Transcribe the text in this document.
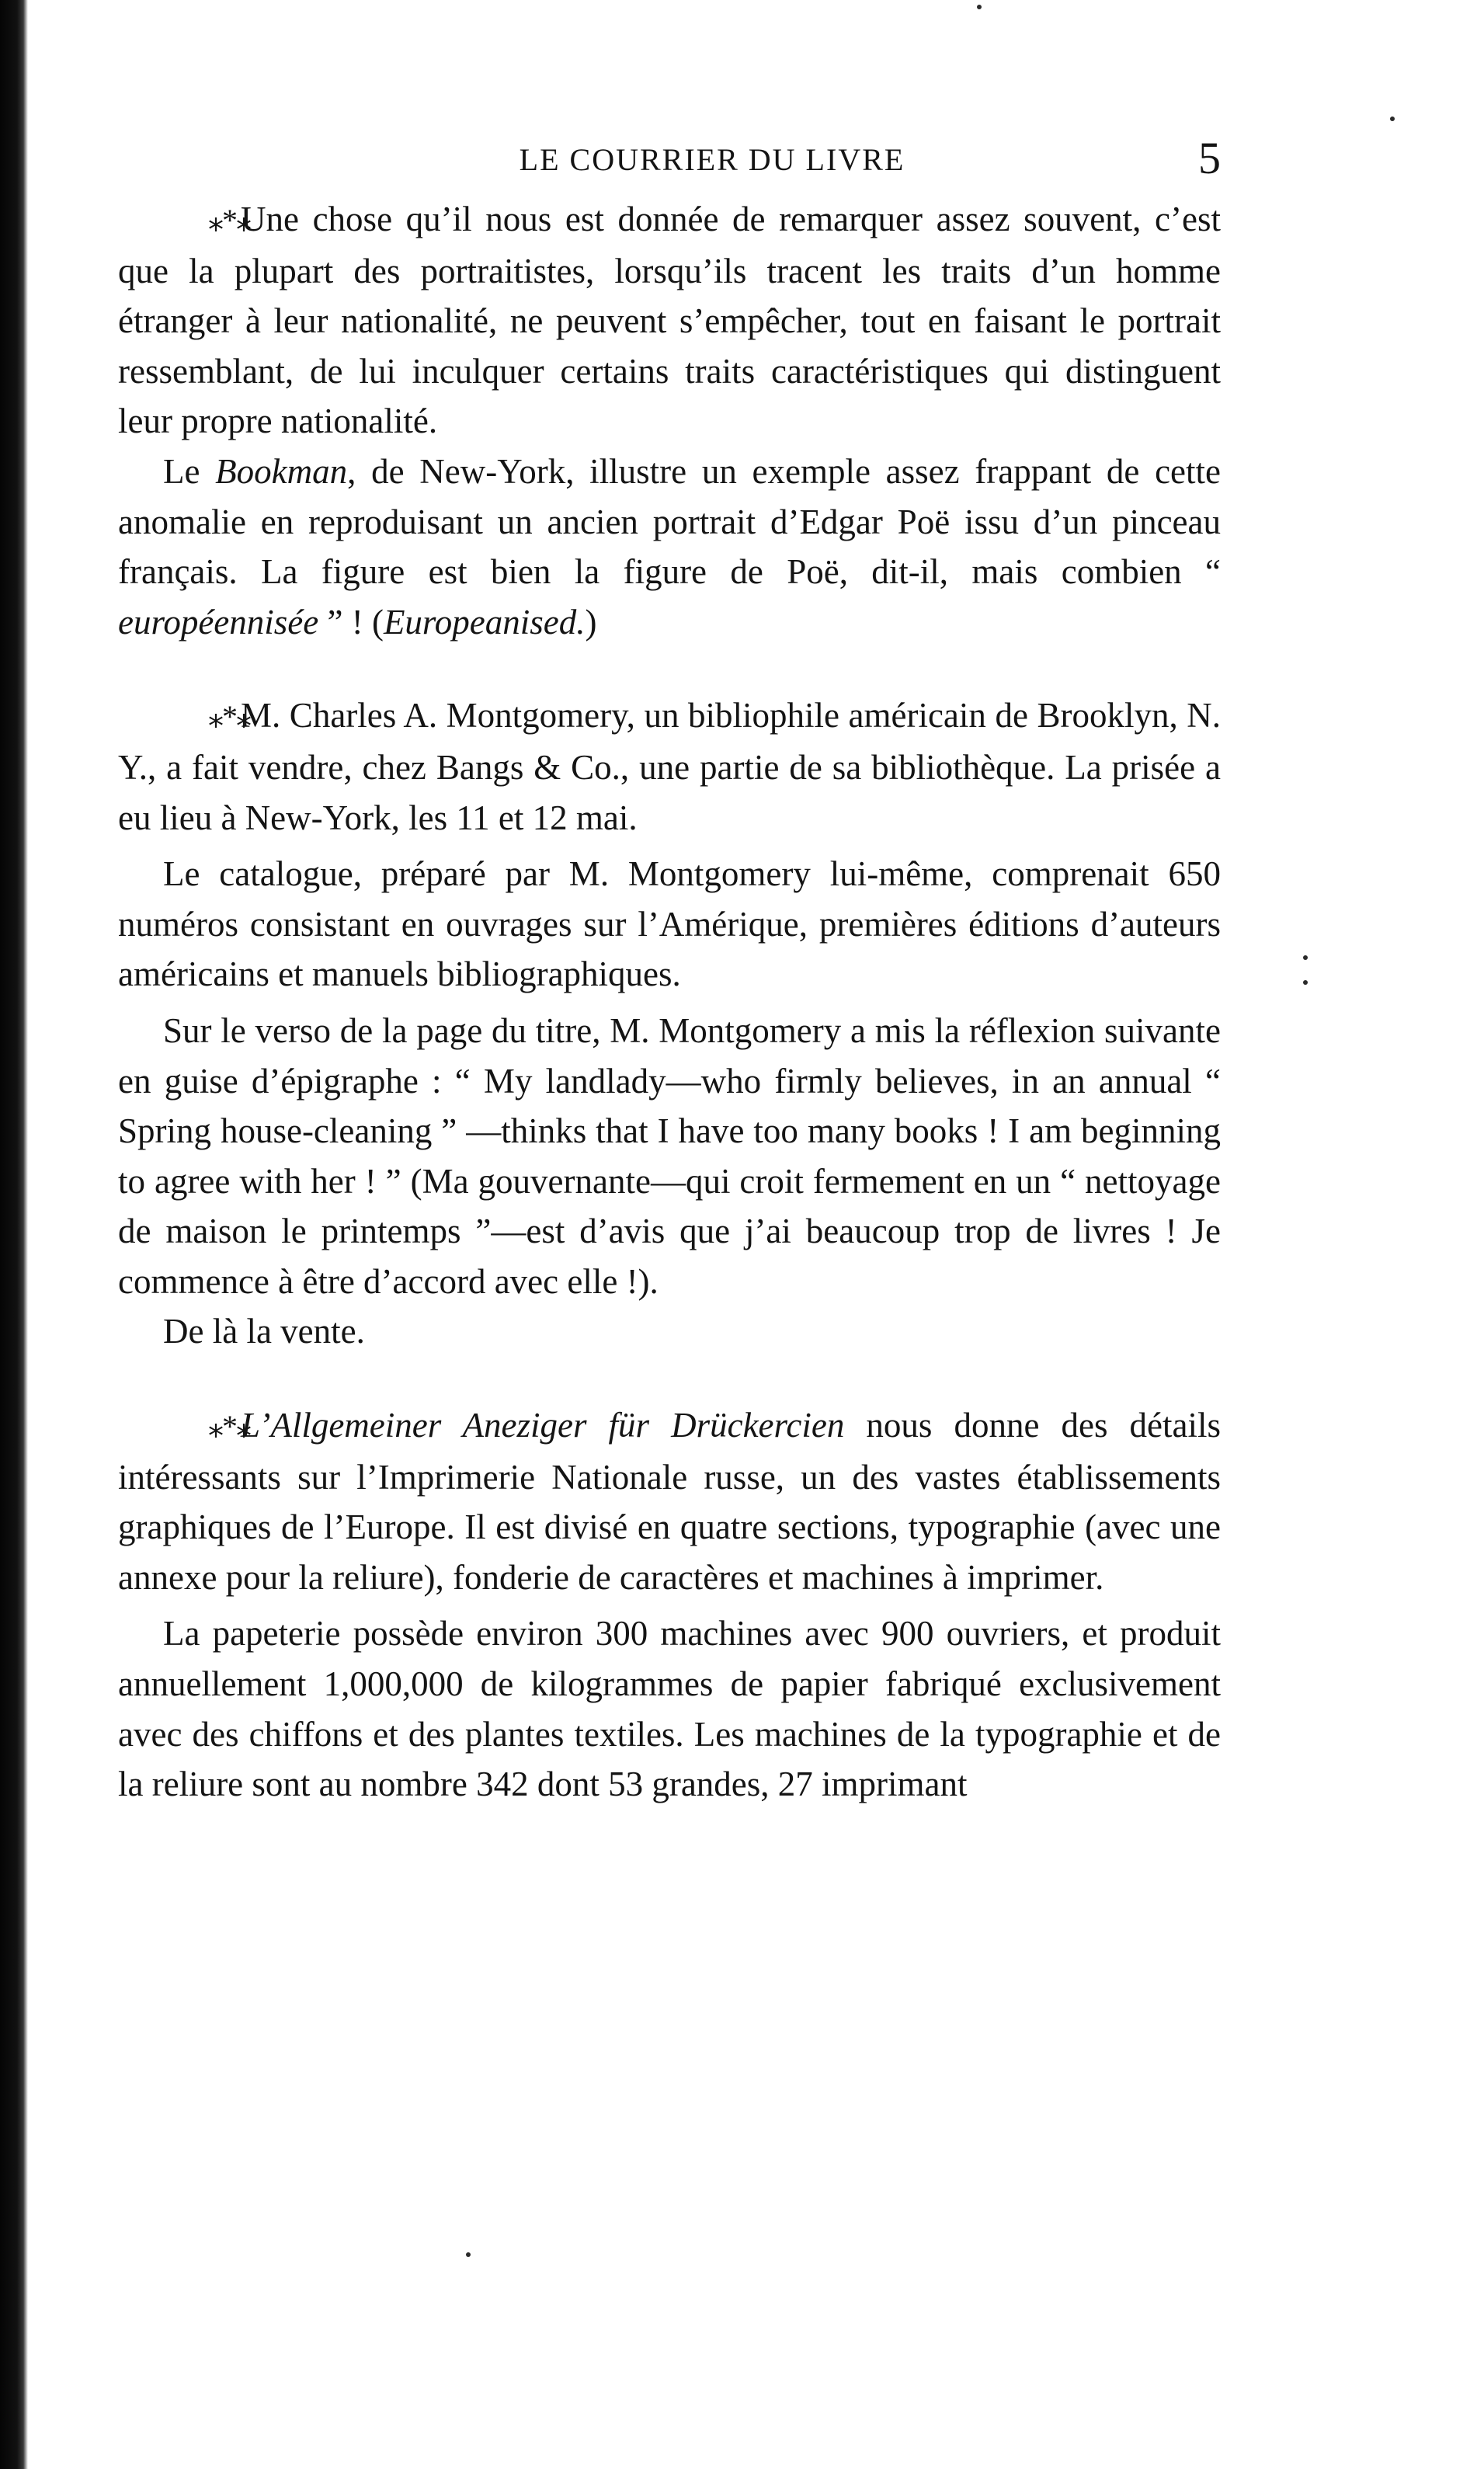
LE COURRIER DU LIVRE	5

⁎*⁎Une chose qu’il nous est donnée de remarquer assez souvent, c’est que la plupart des portraitistes, lorsqu’ils tracent les traits d’un homme étranger à leur nationalité, ne peuvent s’empêcher, tout en faisant le portrait ressemblant, de lui inculquer certains traits caractéristiques qui distinguent leur propre nationalité.

Le Bookman, de New-York, illustre un exemple assez frappant de cette anomalie en reproduisant un ancien portrait d’Edgar Poë issu d’un pinceau français. La figure est bien la figure de Poë, dit-il, mais combien “ européennisée ” ! (Europeanised.)

⁎*⁎M. Charles A. Montgomery, un bibliophile américain de Brooklyn, N. Y., a fait vendre, chez Bangs & Co., une partie de sa bibliothèque. La prisée a eu lieu à New-York, les 11 et 12 mai.

Le catalogue, préparé par M. Montgomery lui-même, comprenait 650 numéros consistant en ouvrages sur l’Amérique, premières éditions d’auteurs américains et manuels bibliographiques.

Sur le verso de la page du titre, M. Montgomery a mis la réflexion suivante en guise d’épigraphe : “ My landlady—who firmly believes, in an annual “ Spring house-cleaning ” —thinks that I have too many books ! I am beginning to agree with her ! ” (Ma gouvernante—qui croit fermement en un “ nettoyage de maison le printemps ”—est d’avis que j’ai beaucoup trop de livres ! Je commence à être d’accord avec elle !).

De là la vente.

⁎*⁎L’Allgemeiner Aneziger für Drückercien nous donne des détails intéressants sur l’Imprimerie Nationale russe, un des vastes établissements graphiques de l’Europe. Il est divisé en quatre sections, typographie (avec une annexe pour la reliure), fonderie de caractères et machines à imprimer.

La papeterie possède environ 300 machines avec 900 ouvriers, et produit annuellement 1,000,000 de kilogrammes de papier fabriqué exclusivement avec des chiffons et des plantes textiles. Les machines de la typographie et de la reliure sont au nombre 342 dont 53 grandes, 27 imprimant
